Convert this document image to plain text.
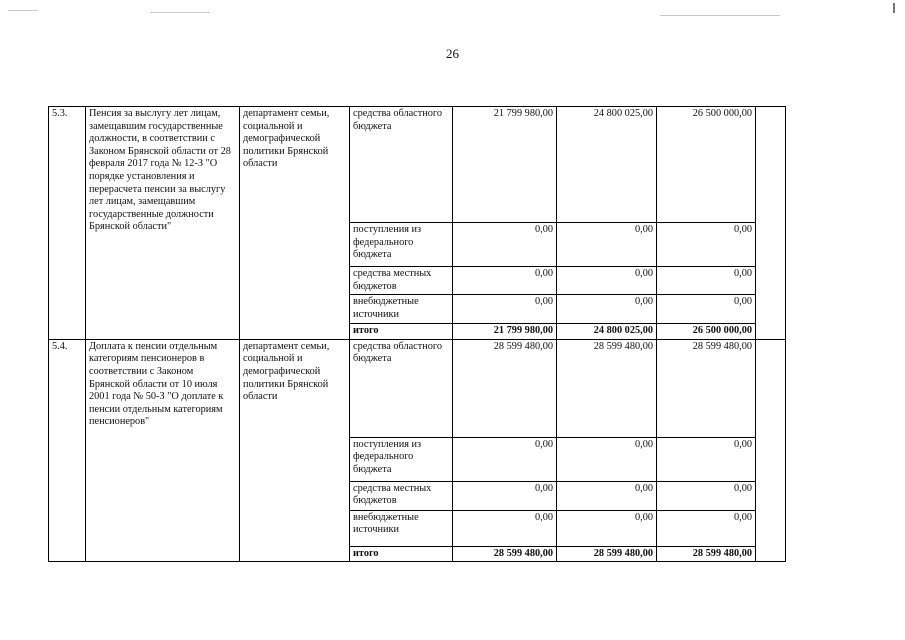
26
5.3.	Пенсия за выслугу лет лицам, замещавшим государственные должности, в соответствии с Законом Брянской области от 28 февраля 2017 года № 12-З "О порядке установления и перерасчета пенсии за выслугу лет лицам, замещавшим государственные должности Брянской области"	департамент семьи, социальной и демографической политики Брянской области	средства областного бюджета	21 799 980,00	24 800 025,00	26 500 000,00	
			поступления из федерального бюджета	0,00	0,00	0,00	
			средства местных бюджетов	0,00	0,00	0,00	
			внебюджетные источники	0,00	0,00	0,00	
			итого	21 799 980,00	24 800 025,00	26 500 000,00	
5.4.	Доплата к пенсии отдельным категориям пенсионеров в соответствии с Законом Брянской области от 10 июля 2001 года № 50-З "О доплате к пенсии отдельным категориям пенсионеров"	департамент семьи, социальной и демографической политики Брянской области	средства областного бюджета	28 599 480,00	28 599 480,00	28 599 480,00	
			поступления из федерального бюджета	0,00	0,00	0,00	
			средства местных бюджетов	0,00	0,00	0,00	
			внебюджетные источники	0,00	0,00	0,00	
			итого	28 599 480,00	28 599 480,00	28 599 480,00	
